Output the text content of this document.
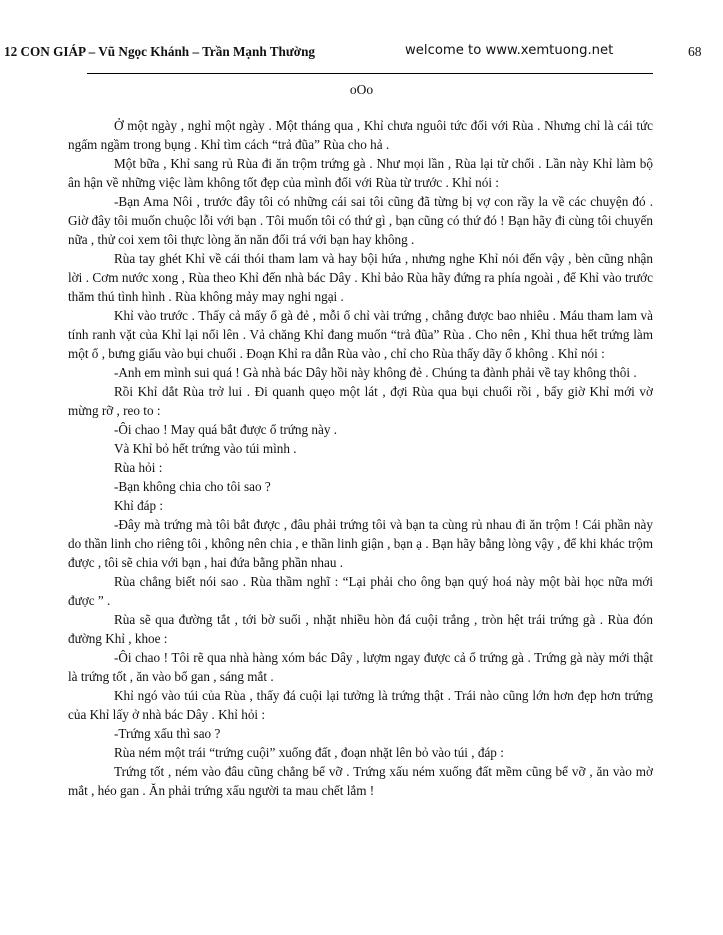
12 CON GIÁP – Vũ Ngọc Khánh – Trần Mạnh Thường	welcome to www.xemtuong.net	68
oOo

Ở một ngày , nghỉ một ngày . Một tháng qua , Khỉ chưa nguôi tức đối với Rùa . Nhưng chỉ là cái tức ngấm ngầm trong bụng . Khỉ tìm cách “trả đũa” Rùa cho hả .

Một bữa , Khỉ sang rủ Rùa đi ăn trộm trứng gà . Như mọi lần , Rùa lại từ chối . Lần này Khỉ làm bộ ân hận về những việc làm không tốt đẹp của mình đối với Rùa từ trước . Khỉ nói :

-Bạn Ama Nôi , trước đây tôi có những cái sai tôi cũng đã từng bị vợ con rầy la về các chuyện đó . Giờ đây tôi muốn chuộc lỗi với bạn . Tôi muốn tôi có thứ gì , bạn cũng có thứ đó ! Bạn hãy đi cùng tôi chuyến nữa , thử coi xem tôi thực lòng ăn năn đối trá với bạn hay không .

Rùa tay ghét Khỉ về cái thói tham lam và hay bội hứa , nhưng nghe Khỉ nói đến vậy , bèn cũng nhận lời . Cơm nước xong , Rùa theo Khỉ đến nhà bác Dây . Khỉ bảo Rùa hãy đứng ra phía ngoài , để Khỉ vào trước thăm thú tình hình . Rùa không mảy may nghi ngại .

Khỉ vào trước . Thấy cả mấy ổ gà đẻ , mỗi ổ chỉ vài trứng , chẳng được bao nhiêu . Máu tham lam và tính ranh vặt của Khỉ lại nổi lên . Vả chăng Khỉ đang muốn “trả đũa” Rùa . Cho nên , Khỉ thua hết trứng làm một ổ , bưng giấu vào bụi chuối . Đoạn Khỉ ra dẫn Rùa vào , chỉ cho Rùa thấy dãy ổ không . Khỉ nói :

-Anh em mình sui quá ! Gà nhà bác Dây hồi này không đẻ . Chúng ta đành phải về tay không thôi .

Rồi Khỉ dắt Rùa trở lui . Đi quanh quẹo một lát , đợi Rùa qua bụi chuối rồi , bấy giờ Khỉ mới vờ mừng rỡ , reo to :

-Ôi chao ! May quá bắt được ổ trứng này .

Và Khỉ bỏ hết trứng vào túi mình .

Rùa hỏi :

-Bạn không chia cho tôi sao ?

Khỉ đáp :

-Đây mà trứng mà tôi bắt được , đâu phải trứng tôi và bạn ta cùng rủ nhau đi ăn trộm ! Cái phần này do thần linh cho riêng tôi , không nên chia , e thần linh giận , bạn ạ . Bạn hãy bằng lòng vậy , để khi khác trộm được , tôi sẽ chia với bạn , hai đứa bằng phần nhau .

Rùa chẳng biết nói sao . Rùa thầm nghĩ : “Lại phải cho ông bạn quý hoá này một bài học nữa mới được ” .

Rùa sẽ qua đường tắt , tới bờ suối , nhặt nhiều hòn đá cuội trắng , tròn hệt trái trứng gà . Rùa đón đường Khỉ , khoe :

-Ôi chao ! Tôi rẽ qua nhà hàng xóm bác Dây , lượm ngay được cả ổ trứng gà . Trứng gà này mới thật là trứng tốt , ăn vào bổ gan , sáng mắt .

Khỉ ngó vào túi của Rùa , thấy đá cuội lại tưởng là trứng thật . Trái nào cũng lớn hơn đẹp hơn trứng của Khỉ lấy ở nhà bác Dây . Khỉ hỏi :

-Trứng xấu thì sao ?

Rùa ném một trái “trứng cuội” xuống đất , đoạn nhặt lên bỏ vào túi , đáp :

Trứng tốt , ném vào đâu cũng chẳng bể vỡ . Trứng xấu ném xuống đất mềm cũng bể vỡ , ăn vào mờ mắt , héo gan . Ăn phải trứng xấu người ta mau chết lắm !
